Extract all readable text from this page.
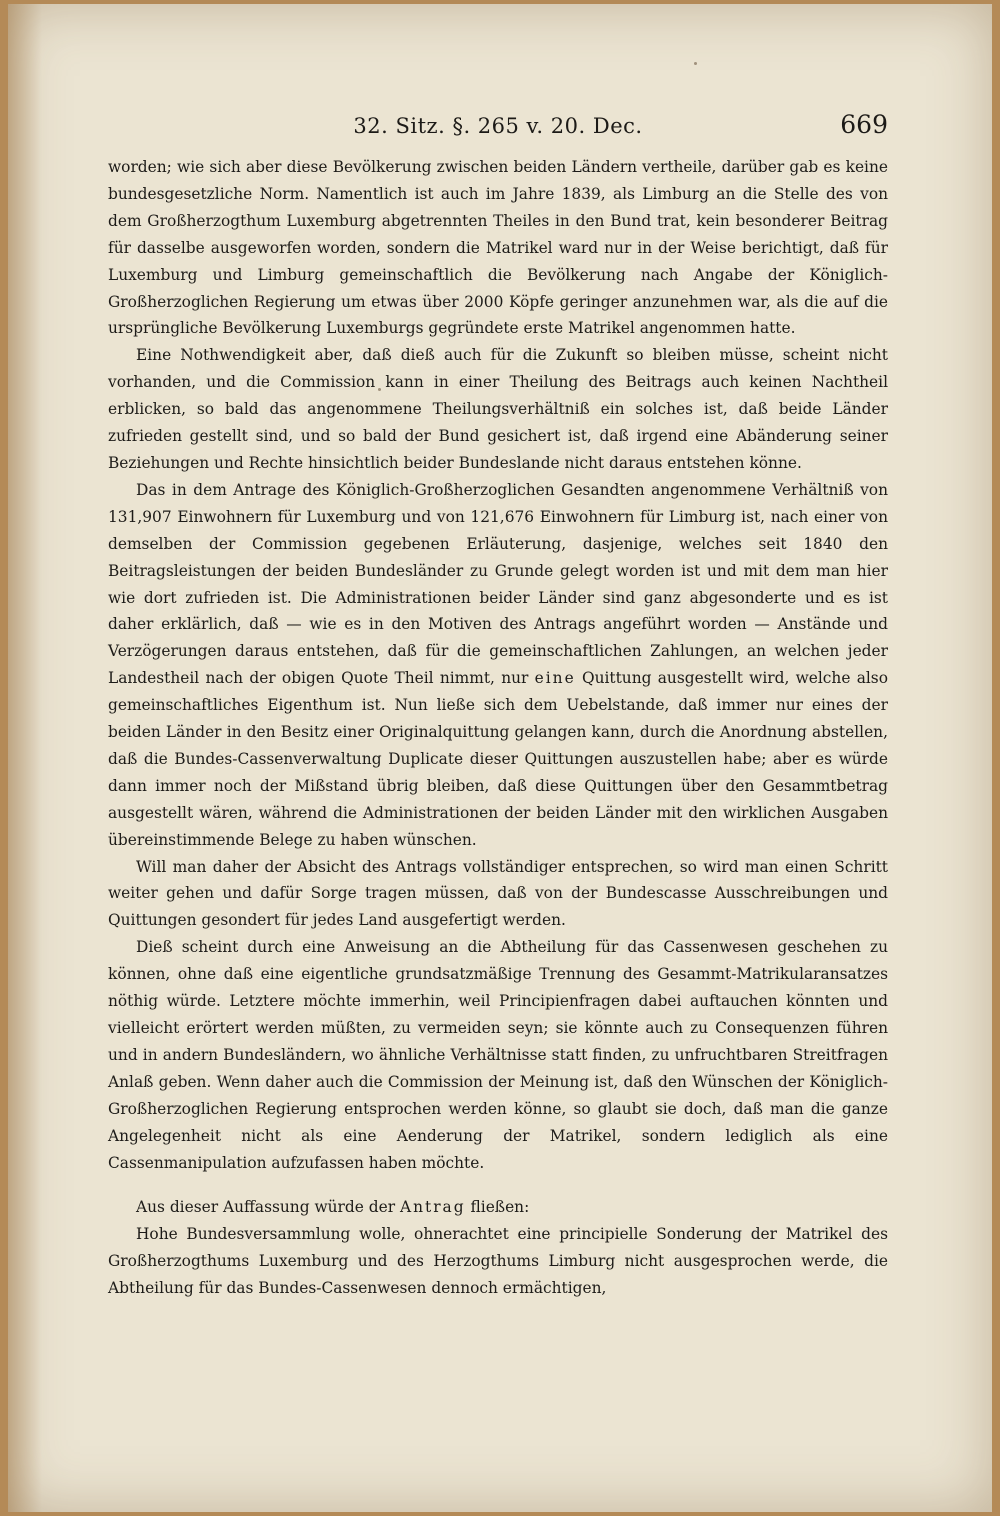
32. Sitz. §. 265 v. 20. Dec.	669

worden; wie sich aber diese Bevölkerung zwischen beiden Ländern vertheile, darüber gab es keine bundesgesetzliche Norm. Namentlich ist auch im Jahre 1839, als Limburg an die Stelle des von dem Großherzogthum Luxemburg abgetrennten Theiles in den Bund trat, kein besonderer Beitrag für dasselbe ausgeworfen worden, sondern die Matrikel ward nur in der Weise berichtigt, daß für Luxemburg und Limburg gemeinschaftlich die Bevölkerung nach Angabe der Königlich-Großherzoglichen Regierung um etwas über 2000 Köpfe geringer anzunehmen war, als die auf die ursprüngliche Bevölkerung Luxemburgs gegründete erste Matrikel angenommen hatte.

Eine Nothwendigkeit aber, daß dieß auch für die Zukunft so bleiben müsse, scheint nicht vorhanden, und die Commission kann in einer Theilung des Beitrags auch keinen Nachtheil erblicken, so bald das angenommene Theilungsverhältniß ein solches ist, daß beide Länder zufrieden gestellt sind, und so bald der Bund gesichert ist, daß irgend eine Abänderung seiner Beziehungen und Rechte hinsichtlich beider Bundeslande nicht daraus entstehen könne.

Das in dem Antrage des Königlich-Großherzoglichen Gesandten angenommene Verhältniß von 131,907 Einwohnern für Luxemburg und von 121,676 Einwohnern für Limburg ist, nach einer von demselben der Commission gegebenen Erläuterung, dasjenige, welches seit 1840 den Beitragsleistungen der beiden Bundesländer zu Grunde gelegt worden ist und mit dem man hier wie dort zufrieden ist. Die Administrationen beider Länder sind ganz abgesonderte und es ist daher erklärlich, daß — wie es in den Motiven des Antrags angeführt worden — Anstände und Verzögerungen daraus entstehen, daß für die gemeinschaftlichen Zahlungen, an welchen jeder Landestheil nach der obigen Quote Theil nimmt, nur eine Quittung ausgestellt wird, welche also gemeinschaftliches Eigenthum ist. Nun ließe sich dem Uebelstande, daß immer nur eines der beiden Länder in den Besitz einer Originalquittung gelangen kann, durch die Anordnung abstellen, daß die Bundes-Cassenverwaltung Duplicate dieser Quittungen auszustellen habe; aber es würde dann immer noch der Mißstand übrig bleiben, daß diese Quittungen über den Gesammtbetrag ausgestellt wären, während die Administrationen der beiden Länder mit den wirklichen Ausgaben übereinstimmende Belege zu haben wünschen.

Will man daher der Absicht des Antrags vollständiger entsprechen, so wird man einen Schritt weiter gehen und dafür Sorge tragen müssen, daß von der Bundescasse Ausschreibungen und Quittungen gesondert für jedes Land ausgefertigt werden.

Dieß scheint durch eine Anweisung an die Abtheilung für das Cassenwesen geschehen zu können, ohne daß eine eigentliche grundsatzmäßige Trennung des Gesammt-Matrikularansatzes nöthig würde. Letztere möchte immerhin, weil Principienfragen dabei auftauchen könnten und vielleicht erörtert werden müßten, zu vermeiden seyn; sie könnte auch zu Consequenzen führen und in andern Bundesländern, wo ähnliche Verhältnisse statt finden, zu unfruchtbaren Streitfragen Anlaß geben. Wenn daher auch die Commission der Meinung ist, daß den Wünschen der Königlich-Großherzoglichen Regierung entsprochen werden könne, so glaubt sie doch, daß man die ganze Angelegenheit nicht als eine Aenderung der Matrikel, sondern lediglich als eine Cassenmanipulation aufzufassen haben möchte.

Aus dieser Auffassung würde der Antrag fließen:

Hohe Bundesversammlung wolle, ohnerachtet eine principielle Sonderung der Matrikel des Großherzogthums Luxemburg und des Herzogthums Limburg nicht ausgesprochen werde, die Abtheilung für das Bundes-Cassenwesen dennoch ermächtigen,
